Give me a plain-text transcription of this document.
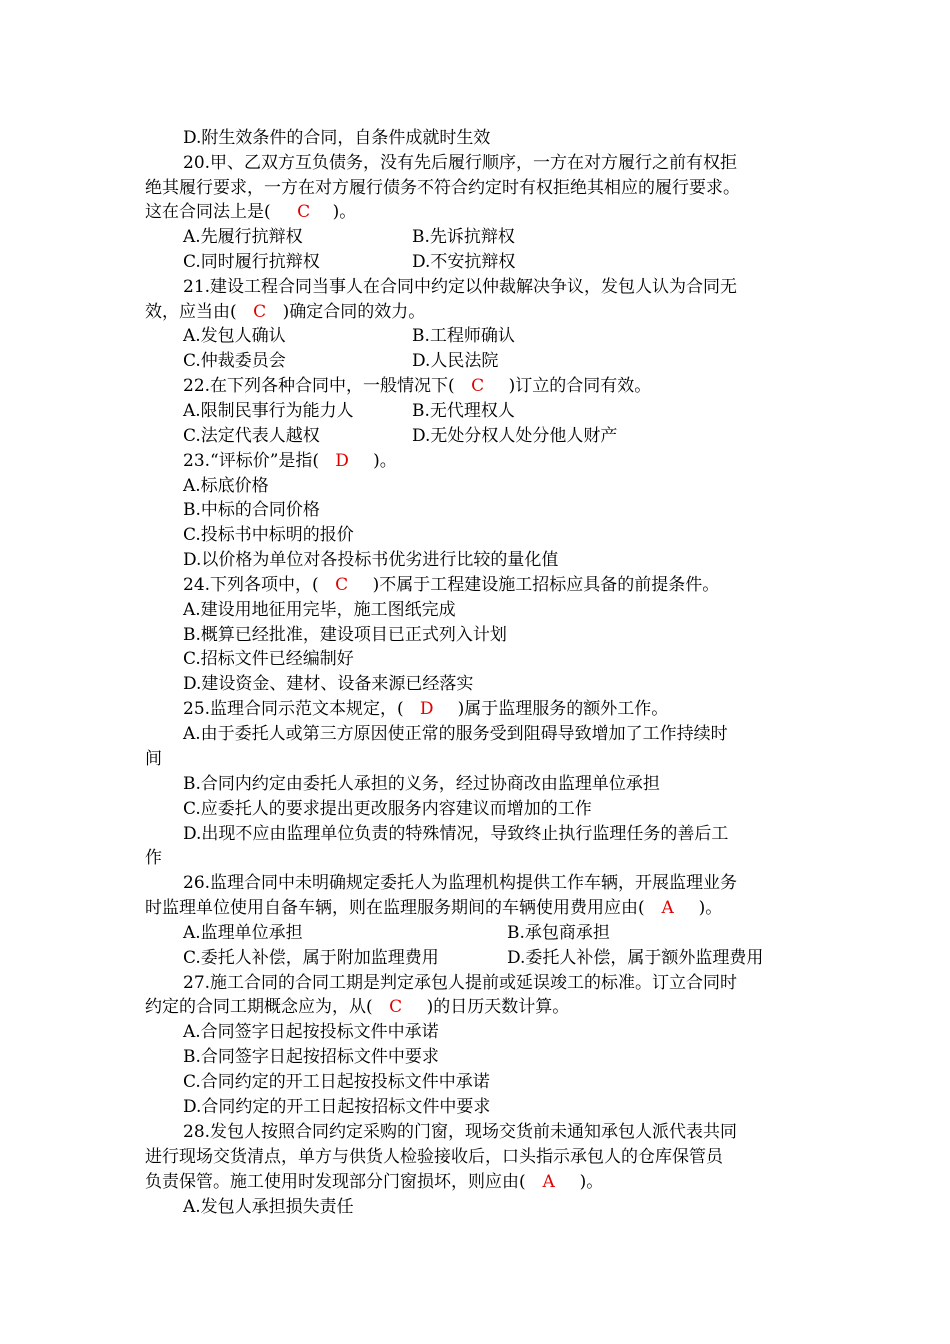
D.附生效条件的合同，自条件成就时生效
20.甲、乙双方互负债务，没有先后履行顺序，一方在对方履行之前有权拒
绝其履行要求，一方在对方履行债务不符合约定时有权拒绝其相应的履行要求。
这在合同法上是( C )。
A.先履行抗辩权	B.先诉抗辩权
C.同时履行抗辩权	D.不安抗辩权
21.建设工程合同当事人在合同中约定以仲裁解决争议，发包人认为合同无
效，应当由( C )确定合同的效力。
A.发包人确认	B.工程师确认
C.仲裁委员会	D.人民法院
22.在下列各种合同中，一般情况下( C )订立的合同有效。
A.限制民事行为能力人	B.无代理权人
C.法定代表人越权	D.无处分权人处分他人财产
23.“评标价”是指( D )。
A.标底价格
B.中标的合同价格
C.投标书中标明的报价
D.以价格为单位对各投标书优劣进行比较的量化值
24.下列各项中，( C )不属于工程建设施工招标应具备的前提条件。
A.建设用地征用完毕，施工图纸完成
B.概算已经批准，建设项目已正式列入计划
C.招标文件已经编制好
D.建设资金、建材、设备来源已经落实
25.监理合同示范文本规定，( D )属于监理服务的额外工作。
A.由于委托人或第三方原因使正常的服务受到阻碍导致增加了工作持续时
间
B.合同内约定由委托人承担的义务，经过协商改由监理单位承担
C.应委托人的要求提出更改服务内容建议而增加的工作
D.出现不应由监理单位负责的特殊情况，导致终止执行监理任务的善后工
作
26.监理合同中未明确规定委托人为监理机构提供工作车辆，开展监理业务
时监理单位使用自备车辆，则在监理服务期间的车辆使用费用应由( A )。
A.监理单位承担	B.承包商承担
C.委托人补偿，属于附加监理费用	D.委托人补偿，属于额外监理费用
27.施工合同的合同工期是判定承包人提前或延误竣工的标准。订立合同时
约定的合同工期概念应为，从( C )的日历天数计算。
A.合同签字日起按投标文件中承诺
B.合同签字日起按招标文件中要求
C.合同约定的开工日起按投标文件中承诺
D.合同约定的开工日起按招标文件中要求
28.发包人按照合同约定采购的门窗，现场交货前未通知承包人派代表共同
进行现场交货清点，单方与供货人检验接收后，口头指示承包人的仓库保管员
负责保管。施工使用时发现部分门窗损坏，则应由( A )。
A.发包人承担损失责任
